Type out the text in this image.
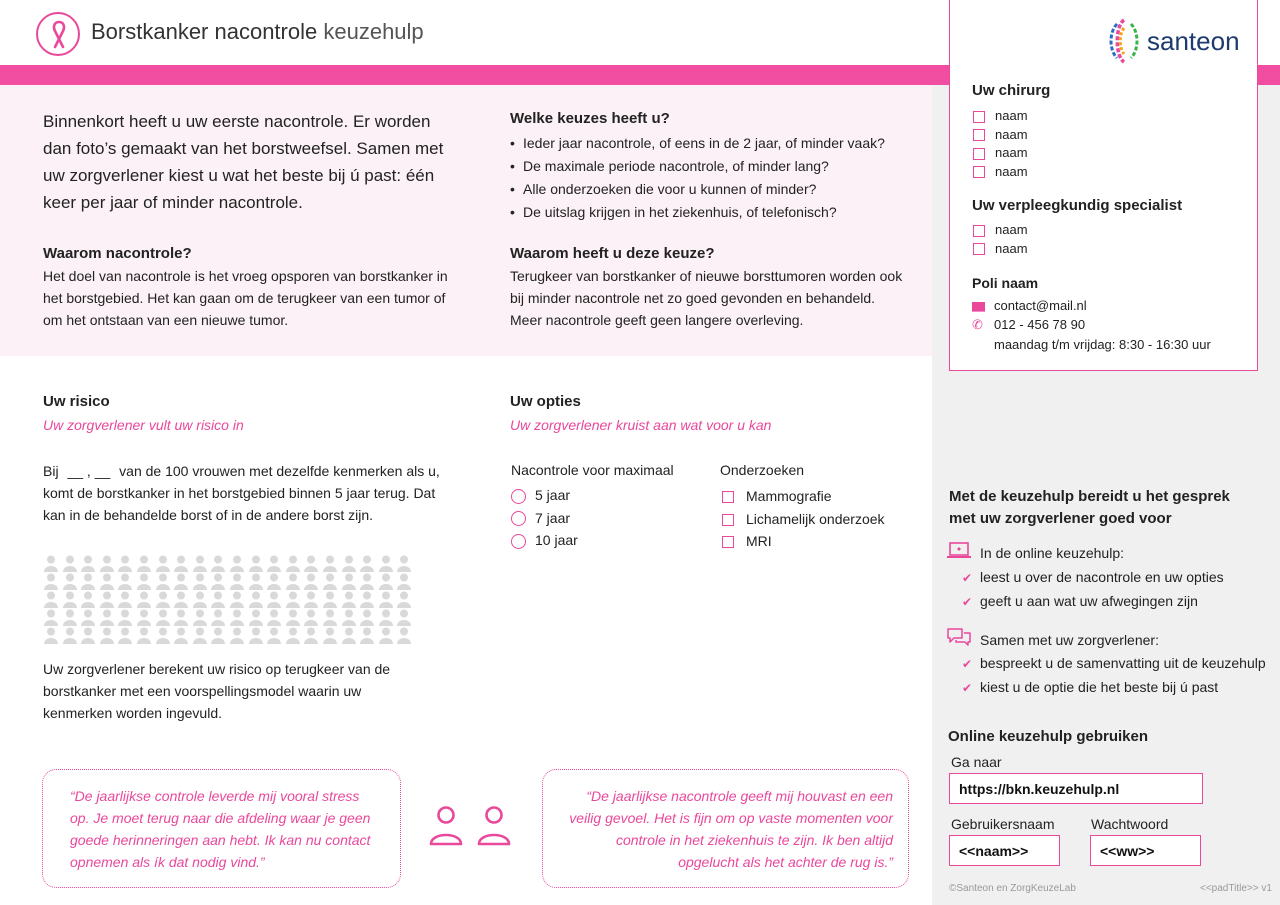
Borstkanker nacontrole keuzehulp	santeon
Uw chirurg
naam
naam
naam
naam
Uw verpleegkundig specialist
naam
naam
Poli naam
contact@mail.nl
✆ 012 - 456 78 90
maandag t/m vrijdag: 8:30 - 16:30 uur
Binnenkort heeft u uw eerste nacontrole. Er worden dan foto’s gemaakt van het borstweefsel. Samen met uw zorgverlener kiest u wat het beste bij ú past: één keer per jaar of minder nacontrole.
Welke keuzes heeft u?
• Ieder jaar nacontrole, of eens in de 2 jaar, of minder vaak?
• De maximale periode nacontrole, of minder lang?
• Alle onderzoeken die voor u kunnen of minder?
• De uitslag krijgen in het ziekenhuis, of telefonisch?
Waarom nacontrole?

Het doel van nacontrole is het vroeg opsporen van borstkanker in het borstgebied. Het kan gaan om de terugkeer van een tumor of om het ontstaan van een nieuwe tumor.

Waarom heeft u deze keuze?

Terugkeer van borstkanker of nieuwe borsttumoren worden ook bij minder nacontrole net zo goed gevonden en behandeld. Meer nacontrole geeft geen langere overleving.

Uw risico
Uw zorgverlener vult uw risico in
Bij __ , __ van de 100 vrouwen met dezelfde kenmerken als u, komt de borstkanker in het borstgebied binnen 5 jaar terug. Dat kan in de behandelde borst of in de andere borst zijn.

Uw zorgverlener berekent uw risico op terugkeer van de borstkanker met een voorspellingsmodel waarin uw kenmerken worden ingevuld.

Uw opties
Uw zorgverlener kruist aan wat voor u kan
Nacontrole voor maximaal
5 jaar
7 jaar
10 jaar
Onderzoeken
Mammografie
Lichamelijk onderzoek
MRI

“De jaarlijkse controle leverde mij vooral stress op. Je moet terug naar die afdeling waar je geen goede herinneringen aan hebt. Ik kan nu contact opnemen als ík dat nodig vind.”

“De jaarlijkse nacontrole geeft mij houvast en een veilig gevoel. Het is fijn om op vaste momenten voor controle in het ziekenhuis te zijn. Ik ben altijd opgelucht als het achter de rug is.”

Met de keuzehulp bereidt u het gesprek met uw zorgverlener goed voor
In de online keuzehulp:
✔ leest u over de nacontrole en uw opties
✔ geeft u aan wat uw afwegingen zijn
Samen met uw zorgverlener:
✔ bespreekt u de samenvatting uit de keuzehulp
✔ kiest u de optie die het beste bij ú past
Online keuzehulp gebruiken
Ga naar
https://bkn.keuzehulp.nl
Gebruikersnaam	Wachtwoord
<<naam>>	<<ww>>
©Santeon en ZorgKeuzeLab	<<padTitle>> v1
